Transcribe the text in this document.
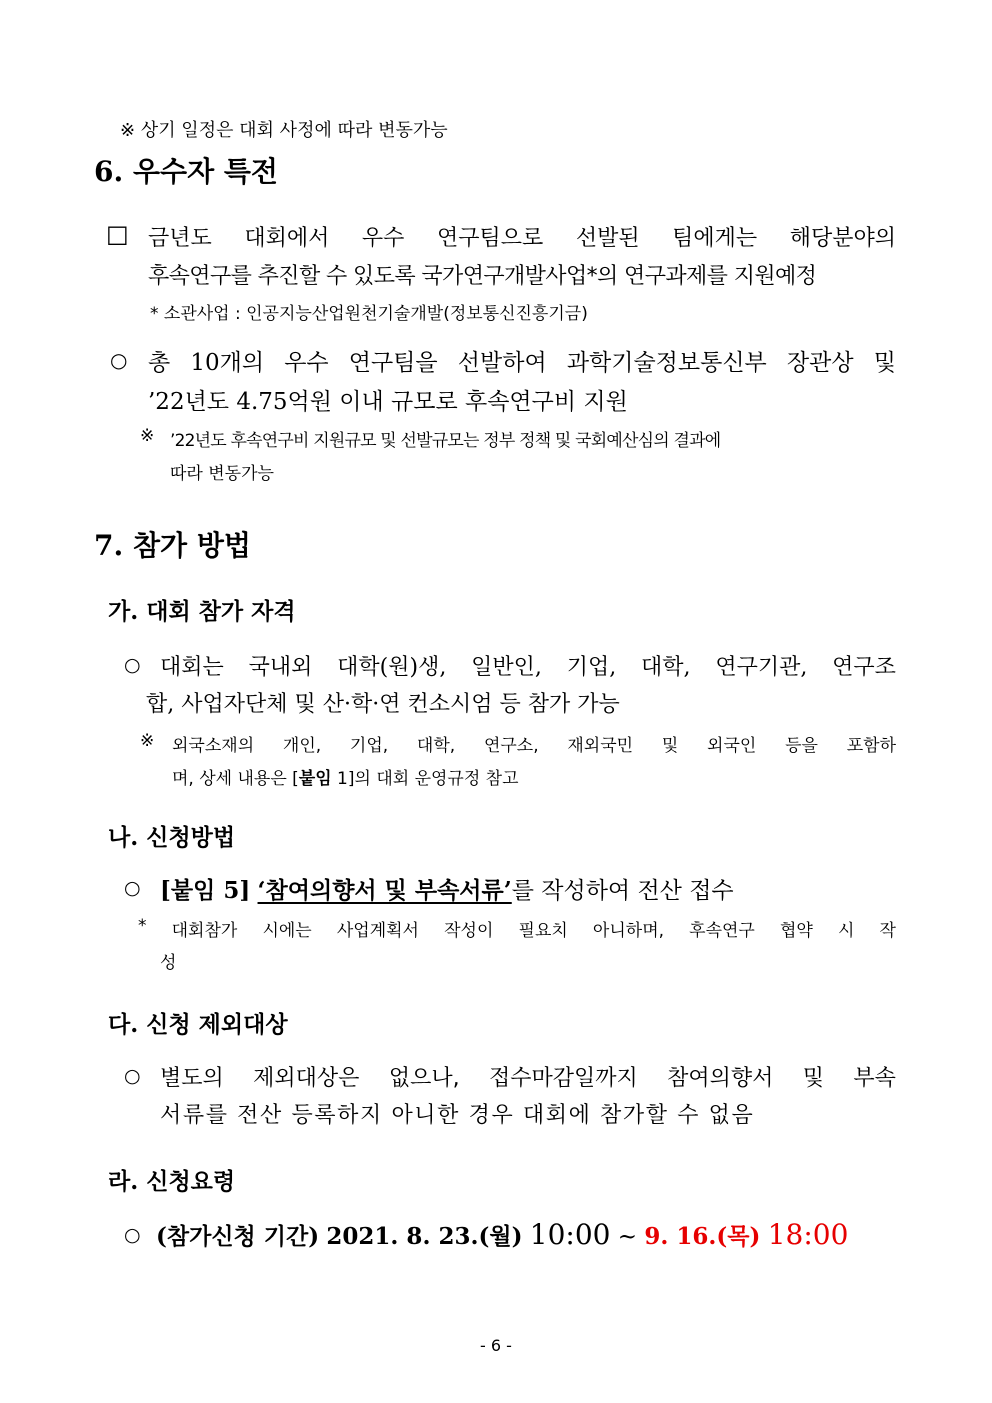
※ 상기 일정은 대회 사정에 따라 변동가능
6. 우수자 특전
□ 금년도 대회에서 우수 연구팀으로 선발된 팀에게는 해당분야의
후속연구를 추진할 수 있도록 국가연구개발사업*의 연구과제를 지원예정
* 소관사업 : 인공지능산업원천기술개발(정보통신진흥기금)
○ 총 10개의 우수 연구팀을 선발하여 과학기술정보통신부 장관상 및
’22년도 4.75억원 이내 규모로 후속연구비 지원
※ ’22년도 후속연구비 지원규모 및 선발규모는 정부 정책 및 국회예산심의 결과에
따라 변동가능
7. 참가 방법
가. 대회 참가 자격
○ 대회는 국내외 대학(원)생, 일반인, 기업, 대학, 연구기관, 연구조
합, 사업자단체 및 산·학·연 컨소시엄 등 참가 가능
※ 외국소재의 개인, 기업, 대학, 연구소, 재외국민 및 외국인 등을 포함하
며, 상세 내용은 [붙임 1]의 대회 운영규정 참고
나. 신청방법
○ [붙임 5] ‘참여의향서 및 부속서류’를 작성하여 전산 접수
* 대회참가 시에는 사업계획서 작성이 필요치 아니하며, 후속연구 협약 시 작
성
다. 신청 제외대상
○ 별도의 제외대상은 없으나, 접수마감일까지 참여의향서 및 부속
서류를 전산 등록하지 아니한 경우 대회에 참가할 수 없음
라. 신청요령
○ (참가신청 기간) 2021. 8. 23.(월) 10:00 ~ 9. 16.(목) 18:00
- 6 -
